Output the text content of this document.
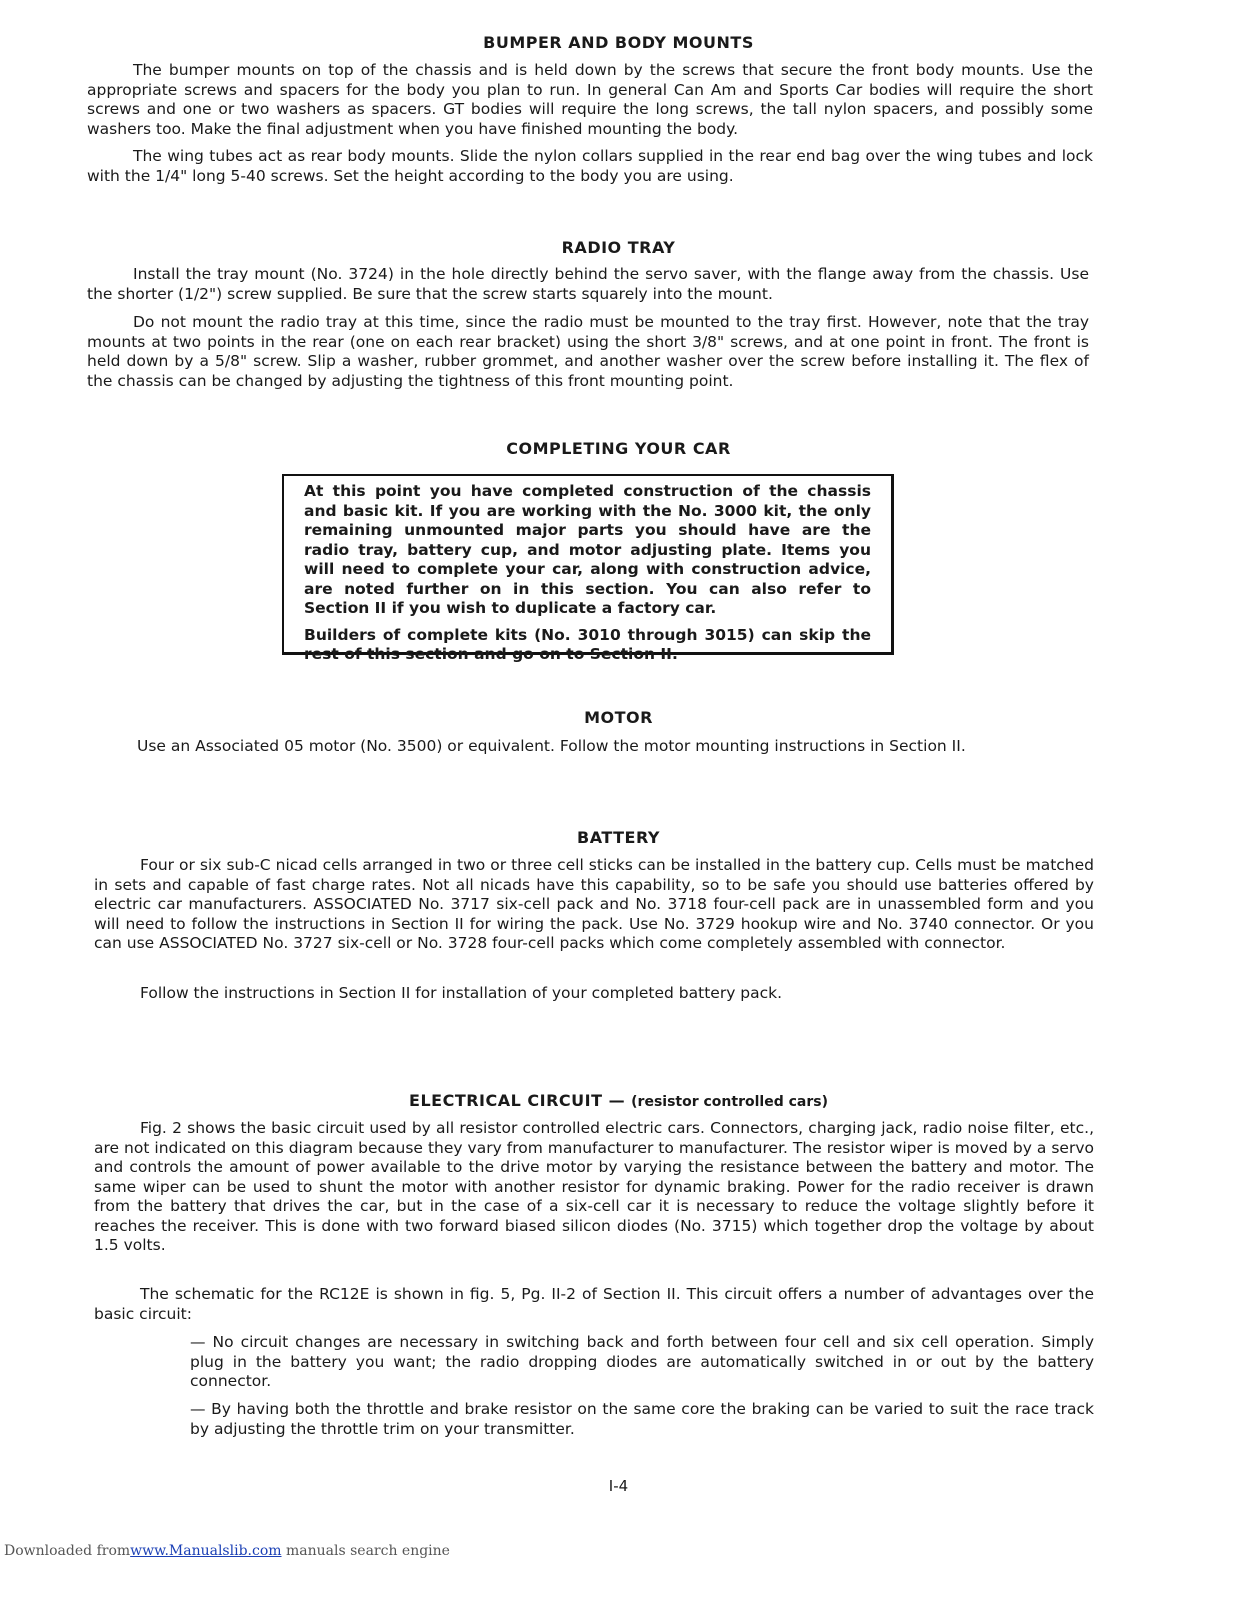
BUMPER AND BODY MOUNTS

The bumper mounts on top of the chassis and is held down by the screws that secure the front body mounts. Use the appropriate screws and spacers for the body you plan to run. In general Can Am and Sports Car bodies will require the short screws and one or two washers as spacers. GT bodies will require the long screws, the tall nylon spacers, and possibly some washers too. Make the final adjustment when you have finished mounting the body.

The wing tubes act as rear body mounts. Slide the nylon collars supplied in the rear end bag over the wing tubes and lock with the 1/4" long 5-40 screws. Set the height according to the body you are using.

RADIO TRAY

Install the tray mount (No. 3724) in the hole directly behind the servo saver, with the flange away from the chassis. Use the shorter (1/2") screw supplied. Be sure that the screw starts squarely into the mount.

Do not mount the radio tray at this time, since the radio must be mounted to the tray first. However, note that the tray mounts at two points in the rear (one on each rear bracket) using the short 3/8" screws, and at one point in front. The front is held down by a 5/8" screw. Slip a washer, rubber grommet, and another washer over the screw before installing it. The flex of the chassis can be changed by adjusting the tightness of this front mounting point.

COMPLETING YOUR CAR

At this point you have completed construction of the chassis and basic kit. If you are working with the No. 3000 kit, the only remaining unmounted major parts you should have are the radio tray, battery cup, and motor adjusting plate. Items you will need to complete your car, along with construction advice, are noted further on in this section. You can also refer to Section II if you wish to duplicate a factory car.

Builders of complete kits (No. 3010 through 3015) can skip the rest of this section and go on to Section II.

MOTOR

Use an Associated 05 motor (No. 3500) or equivalent. Follow the motor mounting instructions in Section II.

BATTERY

Four or six sub-C nicad cells arranged in two or three cell sticks can be installed in the battery cup. Cells must be matched in sets and capable of fast charge rates. Not all nicads have this capability, so to be safe you should use batteries offered by electric car manufacturers. ASSOCIATED No. 3717 six-cell pack and No. 3718 four-cell pack are in unassembled form and you will need to follow the instructions in Section II for wiring the pack. Use No. 3729 hookup wire and No. 3740 connector. Or you can use ASSOCIATED No. 3727 six-cell or No. 3728 four-cell packs which come completely assembled with connector.

Follow the instructions in Section II for installation of your completed battery pack.

ELECTRICAL CIRCUIT — (resistor controlled cars)

Fig. 2 shows the basic circuit used by all resistor controlled electric cars. Connectors, charging jack, radio noise filter, etc., are not indicated on this diagram because they vary from manufacturer to manufacturer. The resistor wiper is moved by a servo and controls the amount of power available to the drive motor by varying the resistance between the battery and motor. The same wiper can be used to shunt the motor with another resistor for dynamic braking. Power for the radio receiver is drawn from the battery that drives the car, but in the case of a six-cell car it is necessary to reduce the voltage slightly before it reaches the receiver. This is done with two forward biased silicon diodes (No. 3715) which together drop the voltage by about 1.5 volts.

The schematic for the RC12E is shown in fig. 5, Pg. II-2 of Section II. This circuit offers a number of advantages over the basic circuit:

— No circuit changes are necessary in switching back and forth between four cell and six cell operation. Simply plug in the battery you want; the radio dropping diodes are automatically switched in or out by the battery connector.

— By having both the throttle and brake resistor on the same core the braking can be varied to suit the race track by adjusting the throttle trim on your transmitter.

I-4
Downloaded fromwww.Manualslib.com manuals search engine
